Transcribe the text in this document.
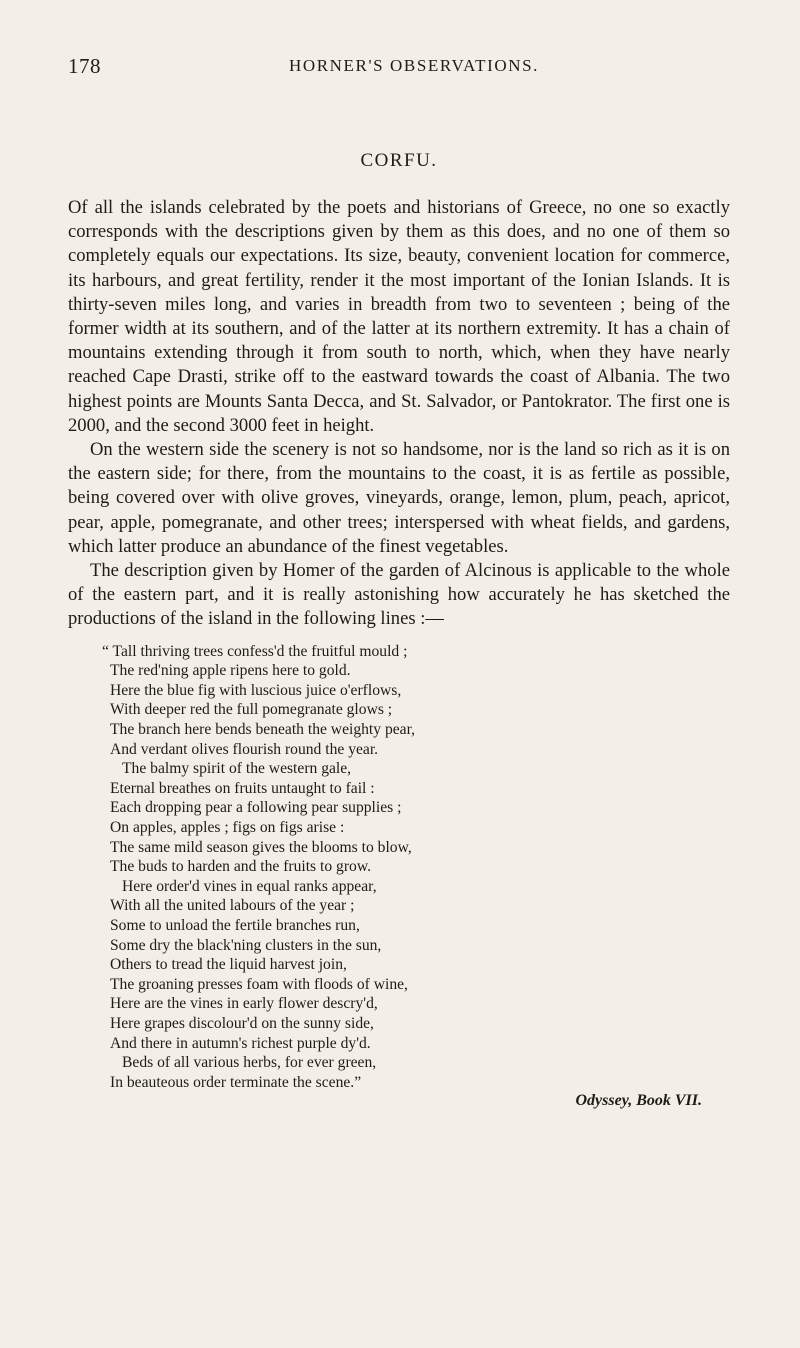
178	HORNER'S OBSERVATIONS.
CORFU.

Of all the islands celebrated by the poets and historians of Greece, no one so exactly corresponds with the descriptions given by them as this does, and no one of them so completely equals our expectations. Its size, beauty, convenient location for commerce, its harbours, and great fertility, render it the most important of the Ionian Islands. It is thirty-seven miles long, and varies in breadth from two to seventeen ; being of the former width at its southern, and of the latter at its northern extremity. It has a chain of mountains extending through it from south to north, which, when they have nearly reached Cape Drasti, strike off to the eastward towards the coast of Albania. The two highest points are Mounts Santa Decca, and St. Salvador, or Pantokrator. The first one is 2000, and the second 3000 feet in height.

On the western side the scenery is not so handsome, nor is the land so rich as it is on the eastern side; for there, from the mountains to the coast, it is as fertile as possible, being covered over with olive groves, vineyards, orange, lemon, plum, peach, apricot, pear, apple, pomegranate, and other trees; interspersed with wheat fields, and gardens, which latter produce an abundance of the finest vegetables.

The description given by Homer of the garden of Alcinous is applicable to the whole of the eastern part, and it is really astonishing how accurately he has sketched the productions of the island in the following lines :—

“ Tall thriving trees confess'd the fruitful mould ;
The red'ning apple ripens here to gold.
Here the blue fig with luscious juice o'erflows,
With deeper red the full pomegranate glows ;
The branch here bends beneath the weighty pear,
And verdant olives flourish round the year.
The balmy spirit of the western gale,
Eternal breathes on fruits untaught to fail :
Each dropping pear a following pear supplies ;
On apples, apples ; figs on figs arise :
The same mild season gives the blooms to blow,
The buds to harden and the fruits to grow.
Here order'd vines in equal ranks appear,
With all the united labours of the year ;
Some to unload the fertile branches run,
Some dry the black'ning clusters in the sun,
Others to tread the liquid harvest join,
The groaning presses foam with floods of wine,
Here are the vines in early flower descry'd,
Here grapes discolour'd on the sunny side,
And there in autumn's richest purple dy'd.
Beds of all various herbs, for ever green,
In beauteous order terminate the scene.”
Odyssey, Book VII.
